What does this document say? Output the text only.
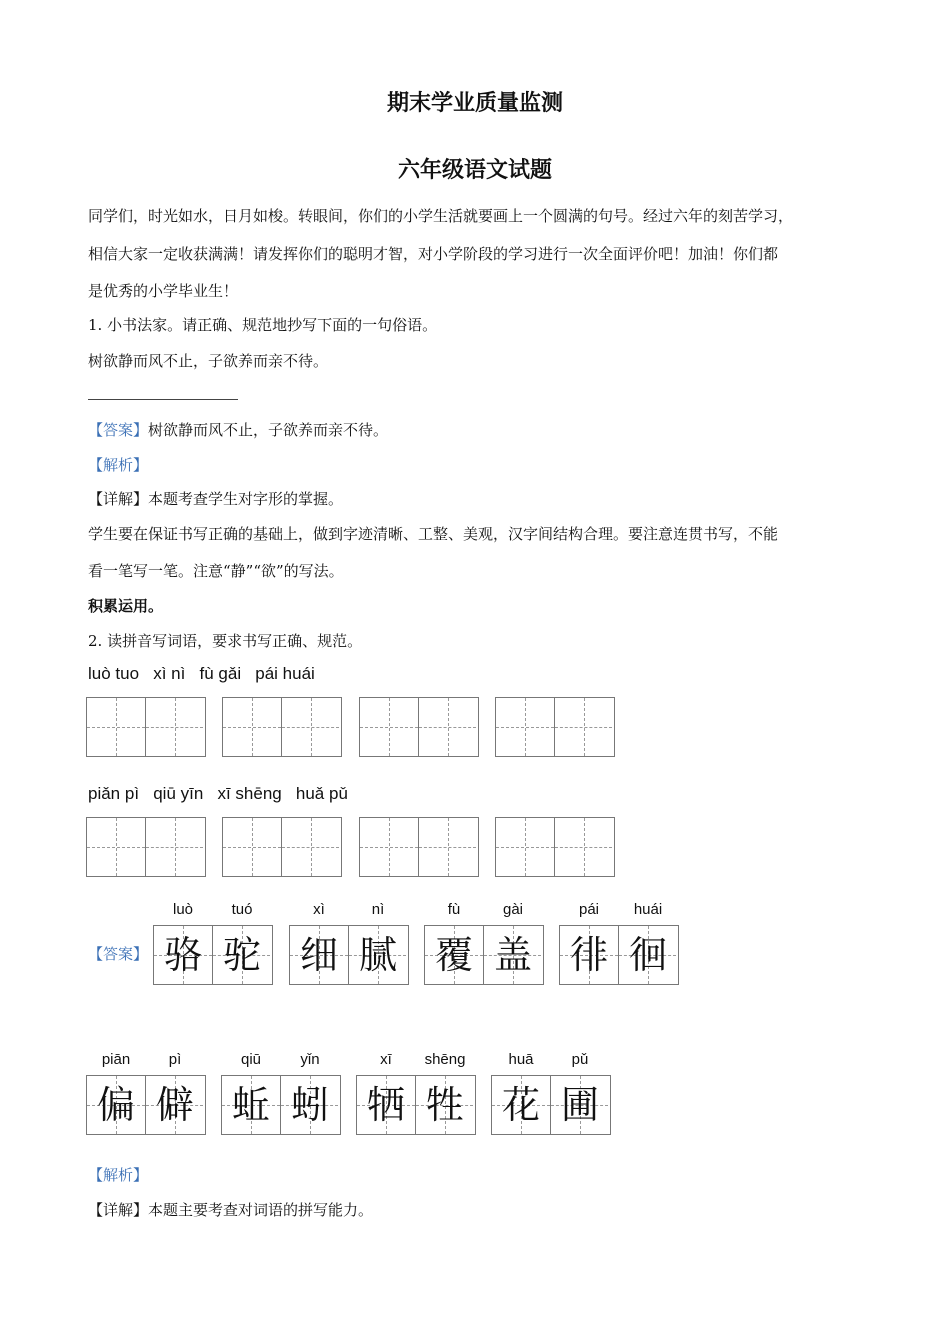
期末学业质量监测
六年级语文试题
同学们，时光如水，日月如梭。转眼间，你们的小学生活就要画上一个圆满的句号。经过六年的刻苦学习，
相信大家一定收获满满！请发挥你们的聪明才智，对小学阶段的学习进行一次全面评价吧！加油！你们都
是优秀的小学毕业生！
1. 小书法家。请正确、规范地抄写下面的一句俗语。
树欲静而风不止，子欲养而亲不待。
【答案】树欲静而风不止，子欲养而亲不待。
【解析】
【详解】本题考查学生对字形的掌握。
学生要在保证书写正确的基础上，做到字迹清晰、工整、美观，汉字间结构合理。要注意连贯书写，不能
看一笔写一笔。注意“静”“欲”的写法。
积累运用。
2. 读拼音写词语，要求书写正确、规范。
luò tuo   xì nì   fù gǎi   pái huái
piǎn pì   qiū yīn   xī shēng   huǎ pǔ
【答案】
luò	tuó
骆 驼
xì	nì
细 腻
fù	gài
覆 盖
pái	huái
徘 徊
piān	pì
偏 僻
qiū	yǐn
蚯 蚓
xī	shēng
牺 牲
huā	pǔ
花 圃
【解析】
【详解】本题主要考查对词语的拼写能力。
